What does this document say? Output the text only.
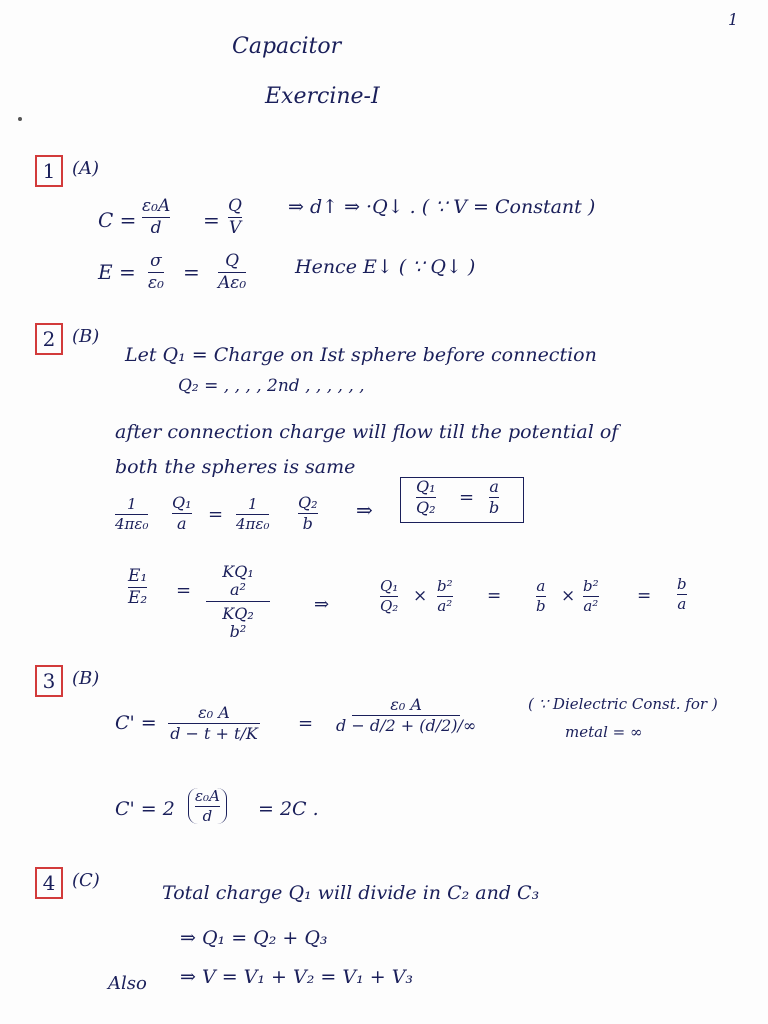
1
Capacitor
Exercine-I
1 (A)
C =
ε₀A
d =
Q
V
⇒ d↑ ⇒ ·Q↓ . ( ∵ V = Constant )
E = σ
ε₀ = Q
Aε₀
Hence E↓ ( ∵ Q↓ )
2 (B)
Let Q₁ = Charge on Ist sphere before connection
Q₂ = , , , , 2nd , , , , , ,
after connection charge will flow till the potential of
both the spheres is same
1
4πε₀
Q₁
a = 1
4πε₀
Q₂
b
⇒
Q₁
Q₂ =
a
b
E₁
E₂ =
KQ₁
a²
KQ₂
b²
⇒
Q₁
Q₂ × b²
a² = a
b × b²
a² =
b
a
3 (B)
C' =	ε₀ A
d − t + t/K =
ε₀ A
d − d/2 + (d/2)/∞
( ∵ Dielectric Const. for )
metal = ∞
C' = 2
ε₀A
d = 2C .
4 (C)
Total charge Q₁ will divide in C₂ and C₃
⇒ Q₁ = Q₂ + Q₃
Also ⇒ V = V₁ + V₂ = V₁ + V₃
